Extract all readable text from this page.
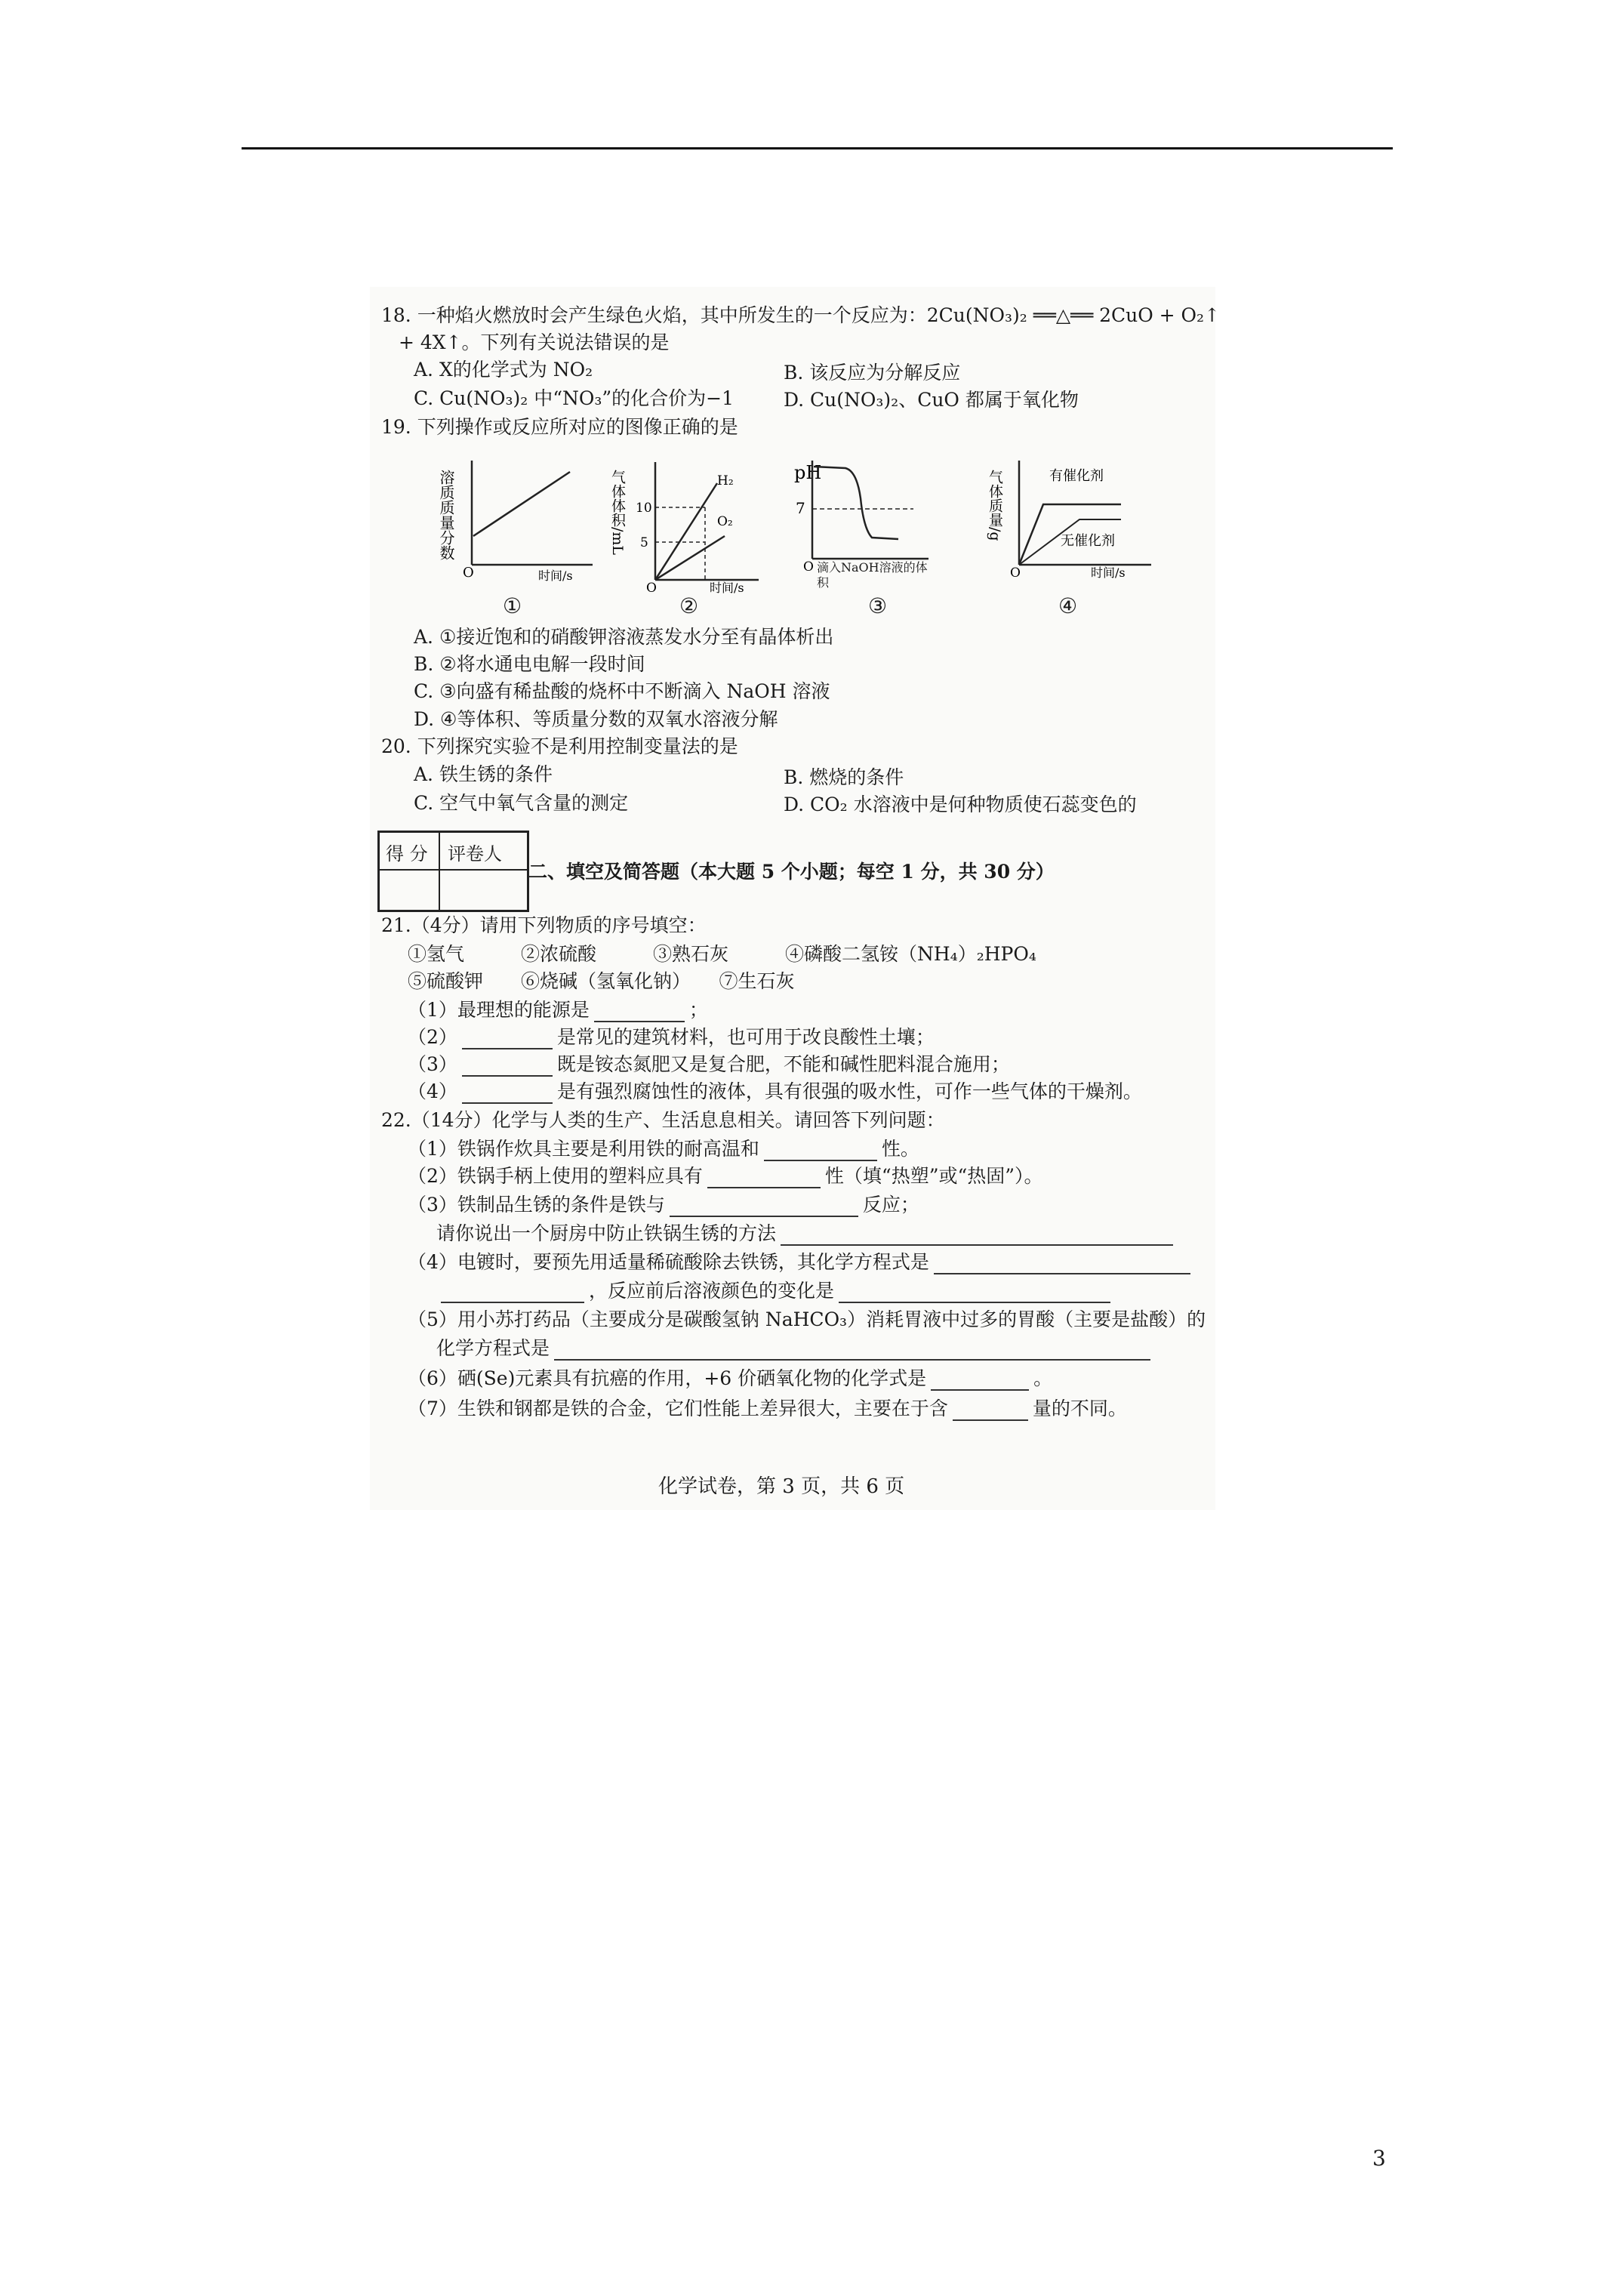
18. 一种焰火燃放时会产生绿色火焰，其中所发生的一个反应为：2Cu(NO₃)₂ ══△══ 2CuO + O₂↑
+ 4X↑。下列有关说法错误的是
A. X的化学式为 NO₂	B. 该反应为分解反应
C. Cu(NO₃)₂ 中“NO₃”的化合价为−1	D. Cu(NO₃)₂、CuO 都属于氧化物
19. 下列操作或反应所对应的图像正确的是
溶质质量分数
O	时间/s
①
气体体积/mL 10
5
H₂
O₂
O	时间/s
②
pH
7
O 滴入NaOH溶液的体积
③
气体质量/g	有催化剂
无催化剂
O	时间/s
④
A. ①接近饱和的硝酸钾溶液蒸发水分至有晶体析出
B. ②将水通电电解一段时间
C. ③向盛有稀盐酸的烧杯中不断滴入 NaOH 溶液
D. ④等体积、等质量分数的双氧水溶液分解
20. 下列探究实验不是利用控制变量法的是
A. 铁生锈的条件	B. 燃烧的条件
C. 空气中氧气含量的测定	D. CO₂ 水溶液中是何种物质使石蕊变色的
得 分 评卷人
二、填空及简答题（本大题 5 个小题；每空 1 分，共 30 分）
21.（4分）请用下列物质的序号填空：
①氢气　　　②浓硫酸　　　③熟石灰　　　④磷酸二氢铵（NH₄）₂HPO₄
⑤硫酸钾　　⑥烧碱（氢氧化钠）　　⑦生石灰
（1）最理想的能源是	；
（2）	是常见的建筑材料，也可用于改良酸性土壤；
（3）	既是铵态氮肥又是复合肥，不能和碱性肥料混合施用；
（4）	是有强烈腐蚀性的液体，具有很强的吸水性，可作一些气体的干燥剂。
22.（14分）化学与人类的生产、生活息息相关。请回答下列问题：
（1）铁锅作炊具主要是利用铁的耐高温和	性。
（2）铁锅手柄上使用的塑料应具有	性（填“热塑”或“热固”）。
（3）铁制品生锈的条件是铁与	反应；
请你说出一个厨房中防止铁锅生锈的方法
（4）电镀时，要预先用适量稀硫酸除去铁锈，其化学方程式是
，反应前后溶液颜色的变化是
（5）用小苏打药品（主要成分是碳酸氢钠 NaHCO₃）消耗胃液中过多的胃酸（主要是盐酸）的
化学方程式是
（6）硒(Se)元素具有抗癌的作用，+6 价硒氧化物的化学式是	。
（7）生铁和钢都是铁的合金，它们性能上差异很大，主要在于含	量的不同。
化学试卷，第 3 页，共 6 页
3
